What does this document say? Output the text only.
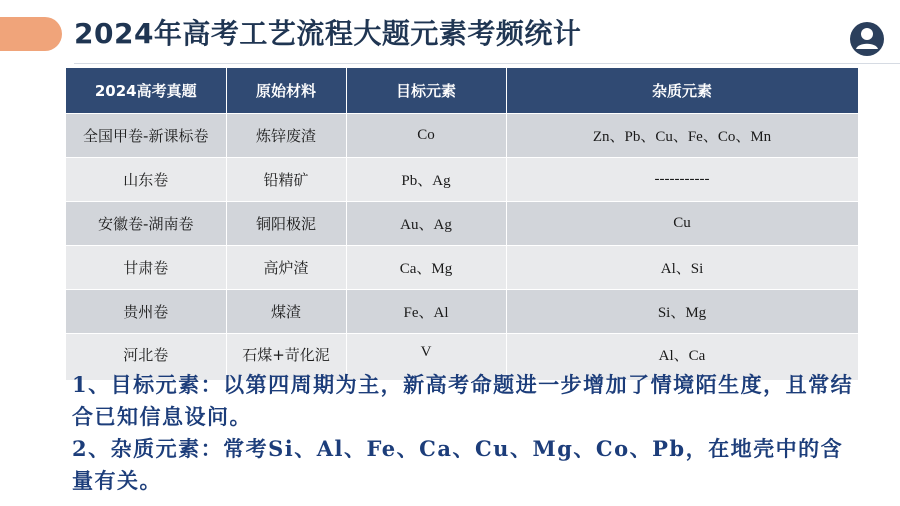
2024年高考工艺流程大题元素考频统计
2024高考真题	原始材料	目标元素	杂质元素
全国甲卷-新课标卷	炼锌废渣	Co	Zn、Pb、Cu、Fe、Co、Mn
山东卷	铅精矿	Pb、Ag	-----------
安徽卷-湖南卷	铜阳极泥	Au、Ag	Cu
甘肃卷	高炉渣	Ca、Mg	Al、Si
贵州卷	煤渣	Fe、Al	Si、Mg
河北卷	石煤+苛化泥	V	Al、Ca

1、目标元素：以第四周期为主，新高考命题进一步增加了情境陌生度，且常结合已知信息设问。

2、杂质元素：常考Si、Al、Fe、Ca、Cu、Mg、Co、Pb，在地壳中的含量有关。
